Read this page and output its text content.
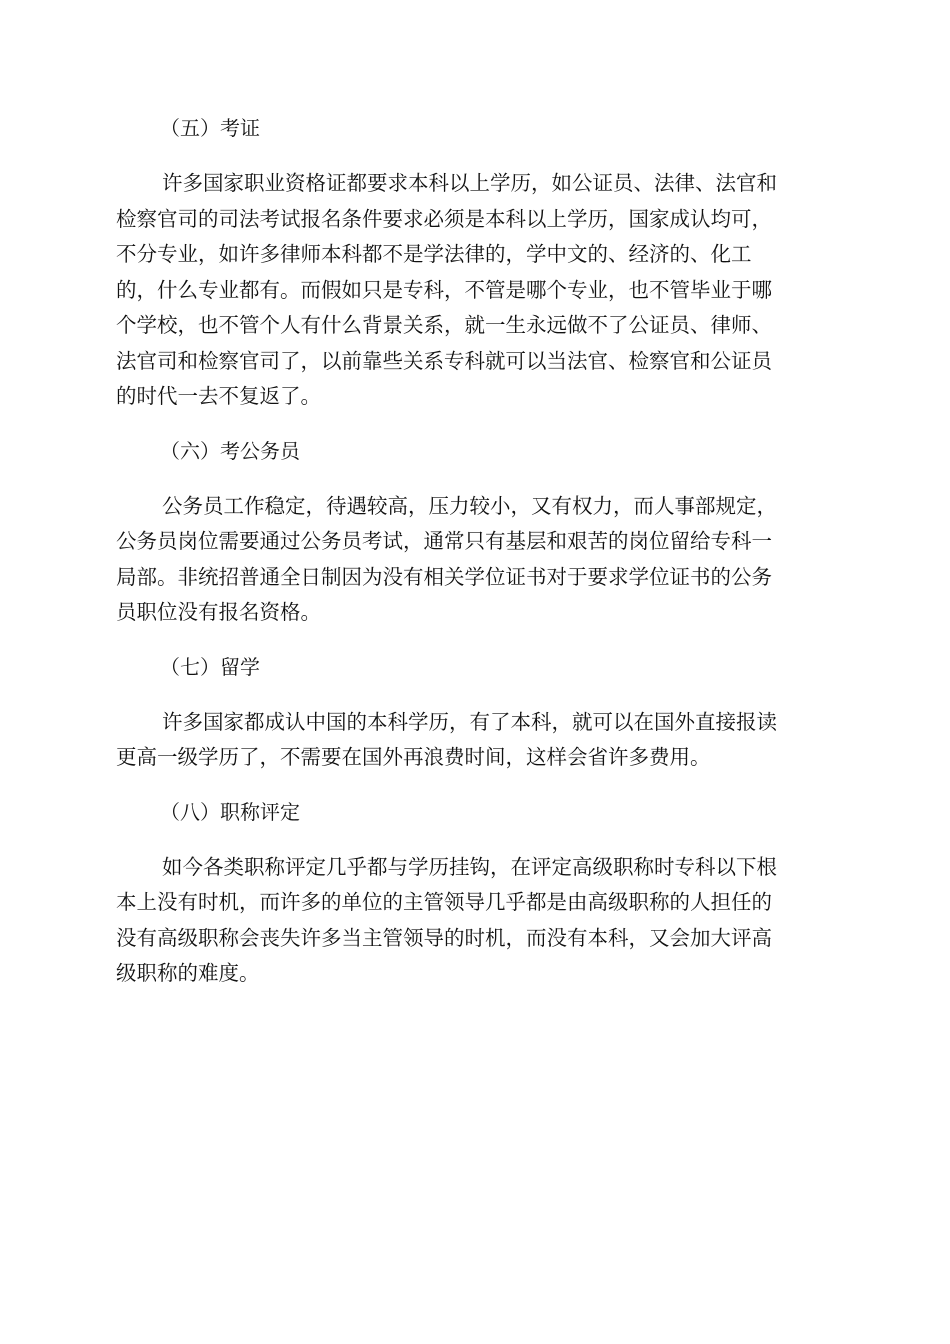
（五）考证

许多国家职业资格证都要求本科以上学历，如公证员、法律、法官和
检察官司的司法考试报名条件要求必须是本科以上学历，国家成认均可，
不分专业，如许多律师本科都不是学法律的，学中文的、经济的、化工
的，什么专业都有。而假如只是专科，不管是哪个专业，也不管毕业于哪
个学校，也不管个人有什么背景关系，就一生永远做不了公证员、律师、
法官司和检察官司了，以前靠些关系专科就可以当法官、检察官和公证员
的时代一去不复返了。

（六）考公务员

公务员工作稳定，待遇较高，压力较小，又有权力，而人事部规定，
公务员岗位需要通过公务员考试，通常只有基层和艰苦的岗位留给专科一
局部。非统招普通全日制因为没有相关学位证书对于要求学位证书的公务
员职位没有报名资格。

（七）留学

许多国家都成认中国的本科学历，有了本科，就可以在国外直接报读
更高一级学历了，不需要在国外再浪费时间，这样会省许多费用。

（八）职称评定

如今各类职称评定几乎都与学历挂钩，在评定高级职称时专科以下根
本上没有时机，而许多的单位的主管领导几乎都是由高级职称的人担任的
没有高级职称会丧失许多当主管领导的时机，而没有本科，又会加大评高
级职称的难度。
